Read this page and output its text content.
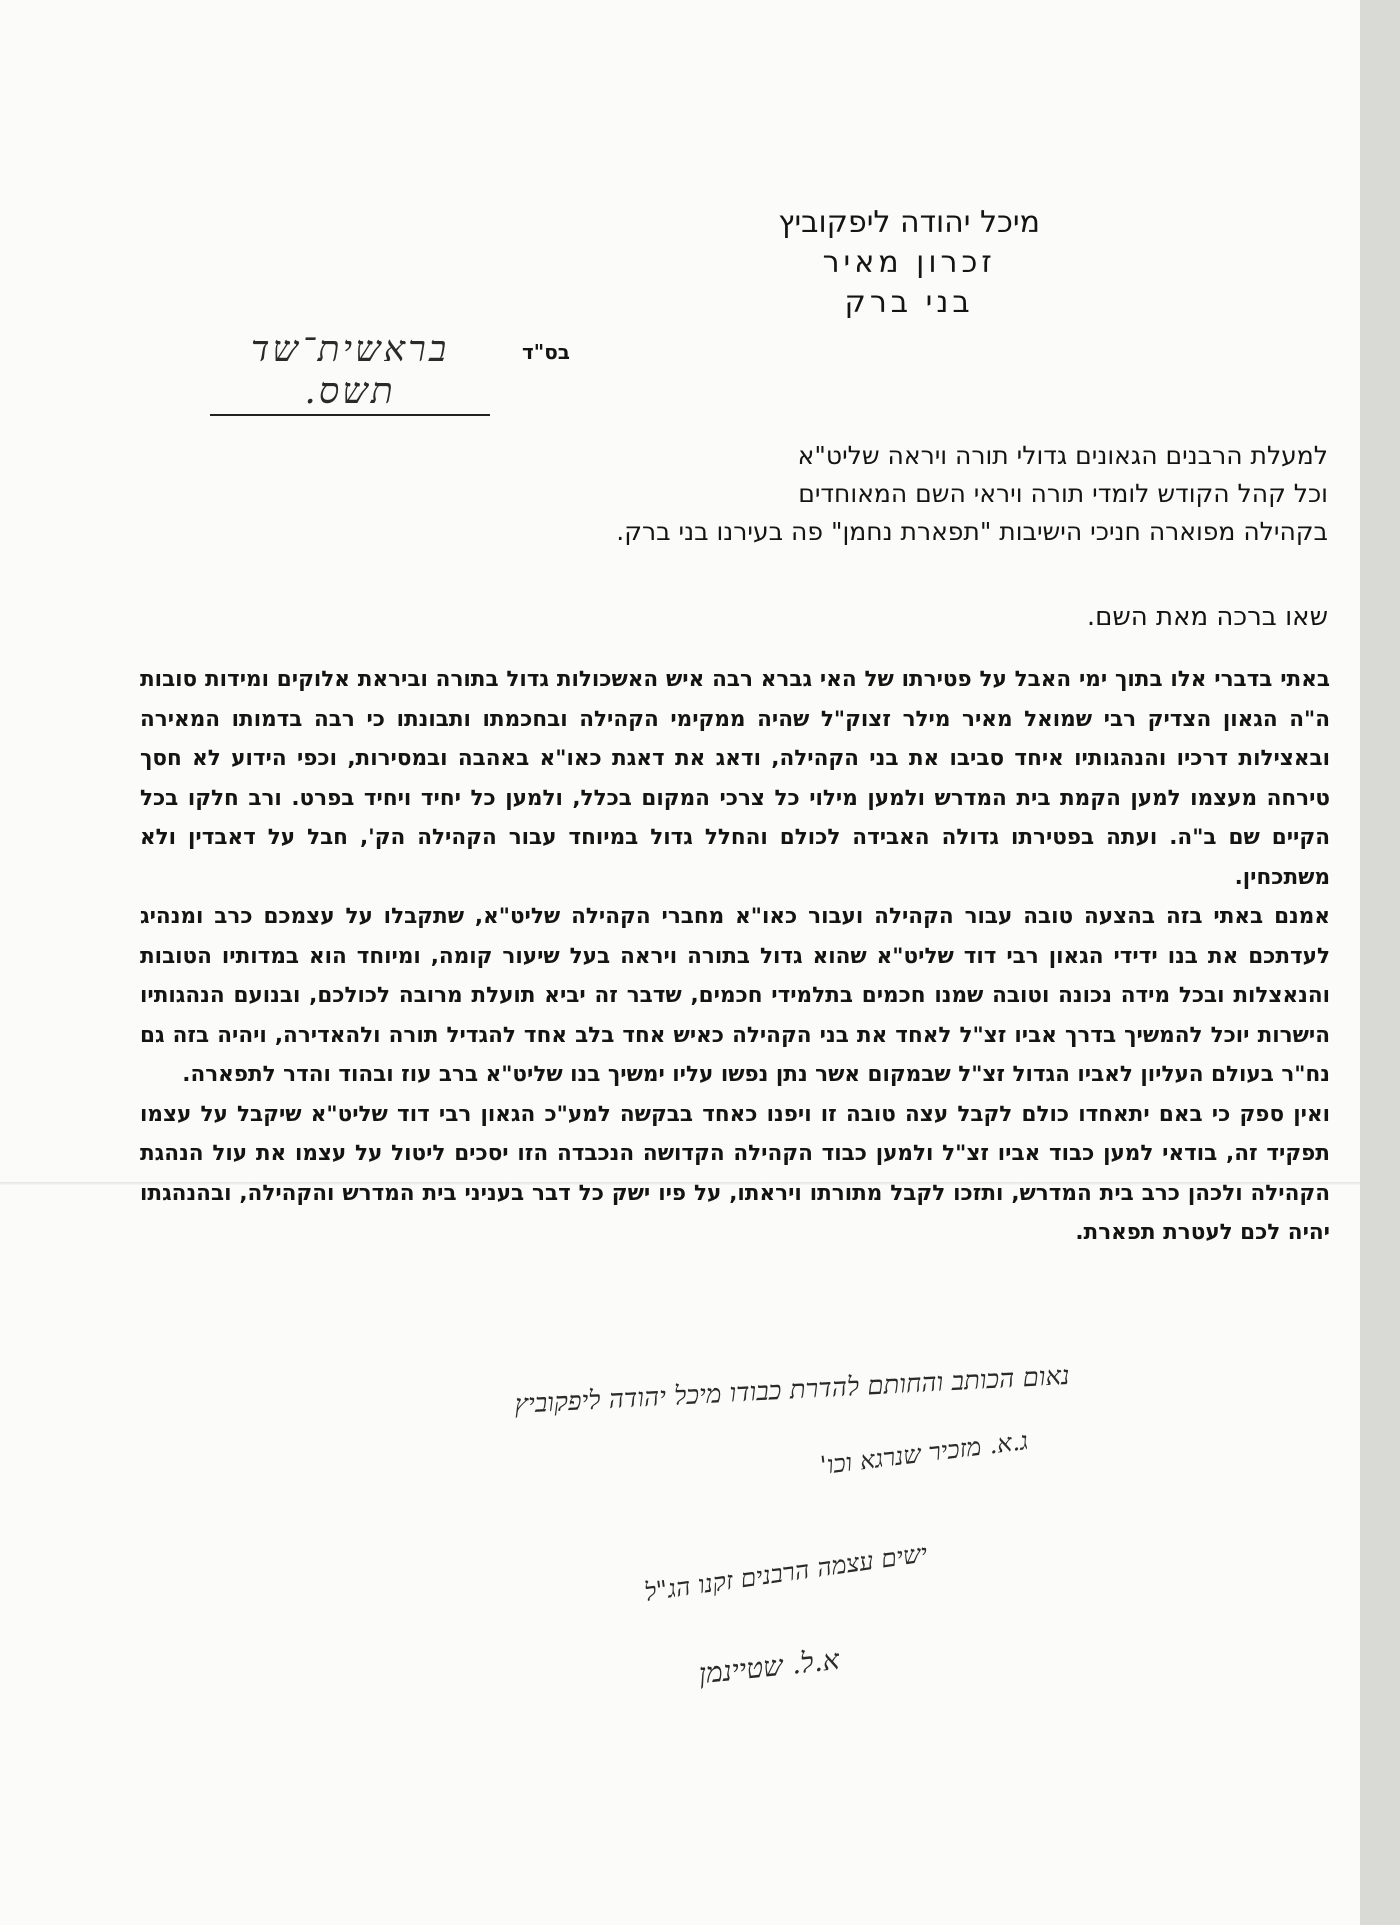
מיכל יהודה ליפקוביץ
זכרון מאיר
בני ברק
בס"ד
בראשית־שד תשס.
למעלת הרבנים הגאונים גדולי תורה ויראה שליט"א
וכל קהל הקודש לומדי תורה ויראי השם המאוחדים
בקהילה מפוארה חניכי הישיבות "תפארת נחמן" פה בעירנו בני ברק.
שאו ברכה מאת השם.

באתי בדברי אלו בתוך ימי האבל על פטירתו של האי גברא רבה איש האשכולות גדול בתורה וביראת אלוקים ומידות סובות ה"ה הגאון הצדיק רבי שמואל מאיר מילר זצוק"ל שהיה ממקימי הקהילה ובחכמתו ותבונתו כי רבה בדמותו המאירה ובאצילות דרכיו והנהגותיו איחד סביבו את בני הקהילה, ודאג את דאגת כאו"א באהבה ובמסירות, וכפי הידוע לא חסך טירחה מעצמו למען הקמת בית המדרש ולמען מילוי כל צרכי המקום בכלל, ולמען כל יחיד ויחיד בפרט. ורב חלקו בכל הקיים שם ב"ה. ועתה בפטירתו גדולה האבידה לכולם והחלל גדול במיוחד עבור הקהילה הק', חבל על דאבדין ולא משתכחין.

אמנם באתי בזה בהצעה טובה עבור הקהילה ועבור כאו"א מחברי הקהילה שליט"א, שתקבלו על עצמכם כרב ומנהיג לעדתכם את בנו ידידי הגאון רבי דוד שליט"א שהוא גדול בתורה ויראה בעל שיעור קומה, ומיוחד הוא במדותיו הטובות והנאצלות ובכל מידה נכונה וטובה שמנו חכמים בתלמידי חכמים, שדבר זה יביא תועלת מרובה לכולכם, ובנועם הנהגותיו הישרות יוכל להמשיך בדרך אביו זצ"ל לאחד את בני הקהילה כאיש אחד בלב אחד להגדיל תורה ולהאדירה, ויהיה בזה גם נח"ר בעולם העליון לאביו הגדול זצ"ל שבמקום אשר נתן נפשו עליו ימשיך בנו שליט"א ברב עוז ובהוד והדר לתפארה.

ואין ספק כי באם יתאחדו כולם לקבל עצה טובה זו ויפנו כאחד בבקשה למע"כ הגאון רבי דוד שליט"א שיקבל על עצמו תפקיד זה, בודאי למען כבוד אביו זצ"ל ולמען כבוד הקהילה הקדושה הנכבדה הזו יסכים ליטול על עצמו את עול הנהגת הקהילה ולכהן כרב בית המדרש, ותזכו לקבל מתורתו ויראתו, על פיו ישק כל דבר בעניני בית המדרש והקהילה, ובהנהגתו יהיה לכם לעטרת תפארת.

נאום הכותב והחותם להדרת כבודו מיכל יהודה ליפקוביץ
ג.א. מזכיר שנרגא וכו'
ישים עצמה הרבנים זקנו הג"ל
א.ל. שטיינמן
